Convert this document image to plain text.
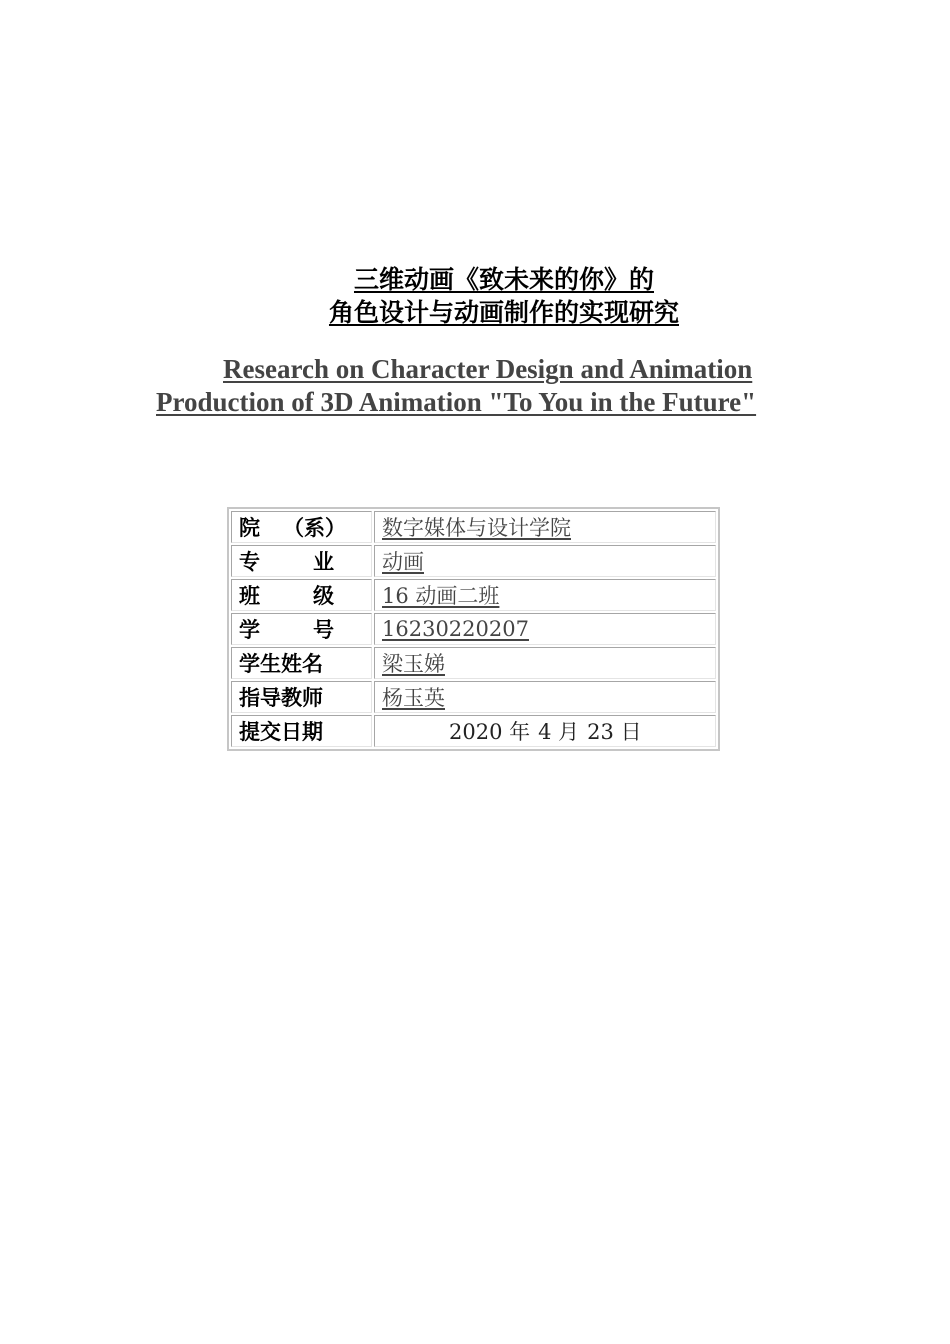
三维动画《致未来的你》的
角色设计与动画制作的实现研究
Research on Character Design and Animation
Production of 3D Animation "To You in the Future"
院 （系）	数字媒体与设计学院

专 业	动画

班 级	16 动画二班

学 号	16230220207
学生姓名	梁玉娣
指导教师	杨玉英
提交日期	2020 年 4 月 23 日
